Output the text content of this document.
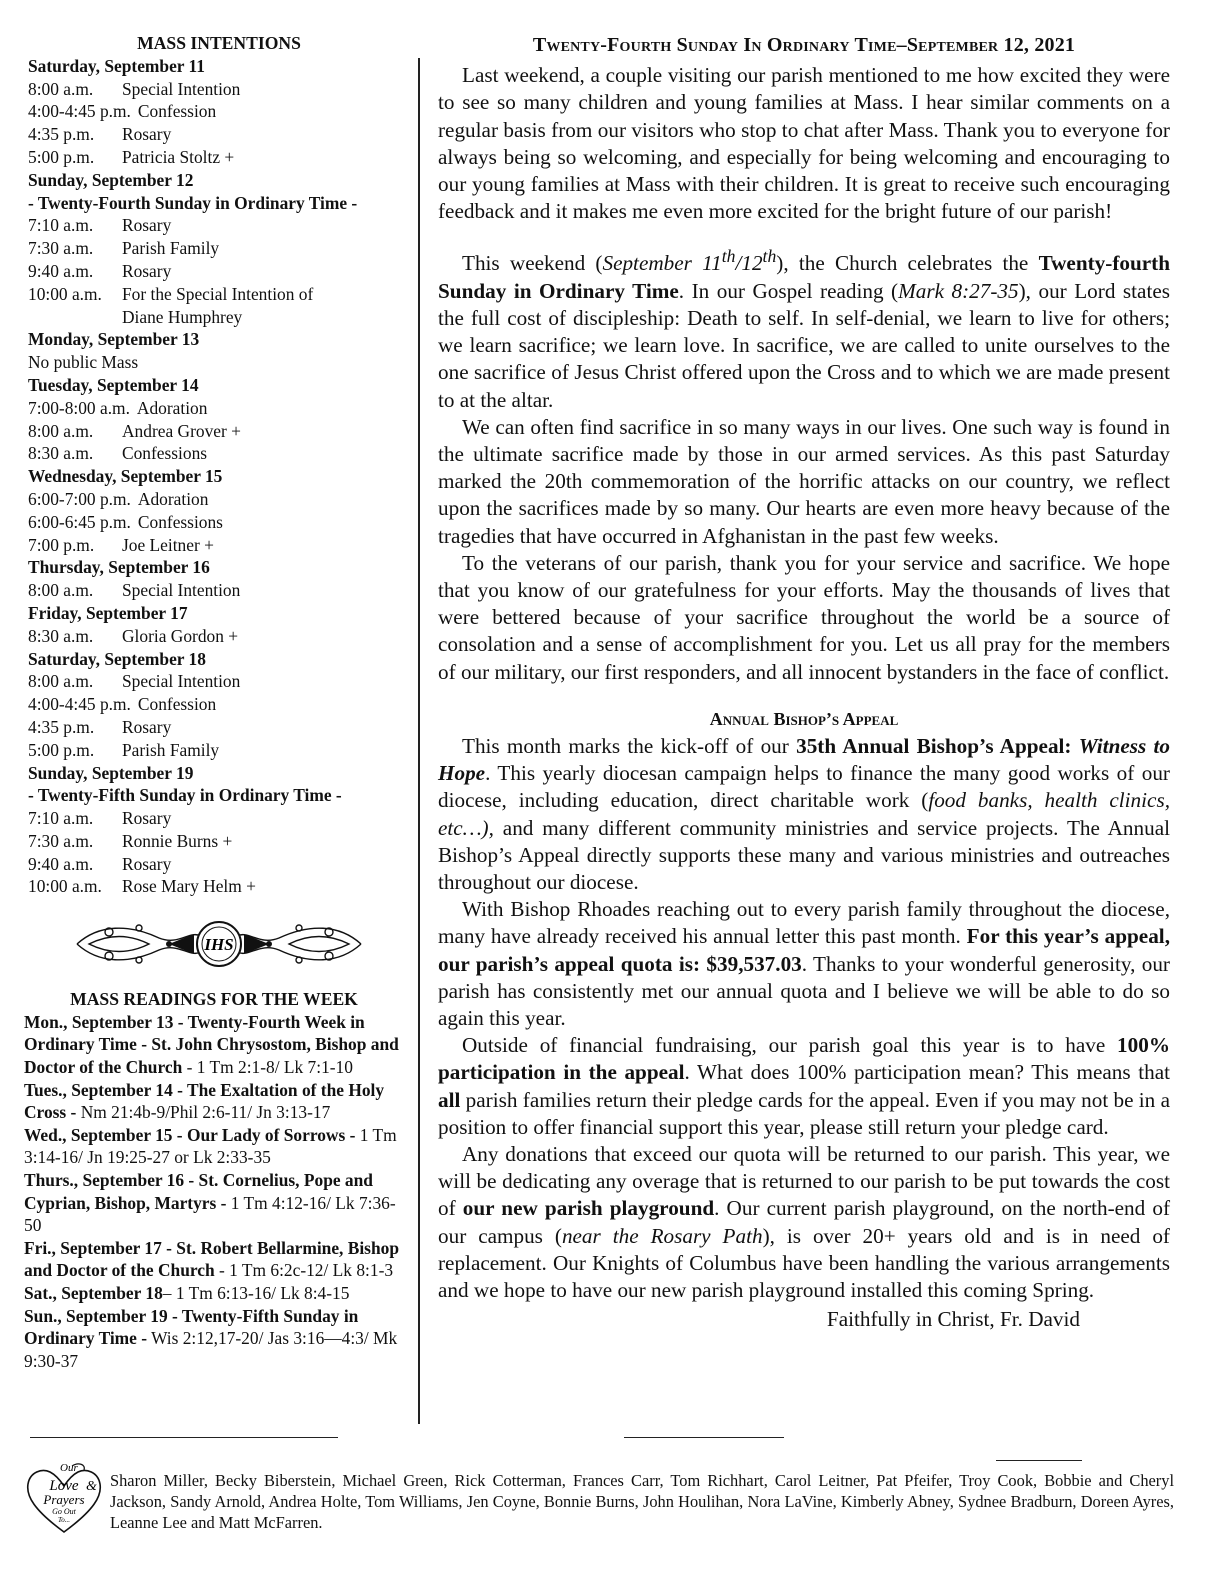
MASS INTENTIONS
Saturday, September 11
8:00 a.m. Special Intention
4:00-4:45 p.m. Confession
4:35 p.m. Rosary
5:00 p.m. Patricia Stoltz +
Sunday, September 12
- Twenty-Fourth Sunday in Ordinary Time -
7:10 a.m. Rosary
7:30 a.m. Parish Family
9:40 a.m. Rosary
10:00 a.m. For the Special Intention of
Diane Humphrey
Monday, September 13
No public Mass
Tuesday, September 14
7:00-8:00 a.m. Adoration
8:00 a.m. Andrea Grover +
8:30 a.m. Confessions
Wednesday, September 15
6:00-7:00 p.m. Adoration
6:00-6:45 p.m. Confessions
7:00 p.m. Joe Leitner +
Thursday, September 16
8:00 a.m. Special Intention
Friday, September 17
8:30 a.m. Gloria Gordon +
Saturday, September 18
8:00 a.m. Special Intention
4:00-4:45 p.m. Confession
4:35 p.m. Rosary
5:00 p.m. Parish Family
Sunday, September 19
- Twenty-Fifth Sunday in Ordinary Time -
7:10 a.m. Rosary
7:30 a.m. Ronnie Burns +
9:40 a.m. Rosary
10:00 a.m. Rose Mary Helm +
IHS
MASS READINGS FOR THE WEEK

Mon., September 13 - Twenty-Fourth Week in Ordinary Time - St. John Chrysostom, Bishop and Doctor of the Church - 1 Tm 2:1-8/ Lk 7:1-10

Tues., September 14 - The Exaltation of the Holy Cross - Nm 21:4b-9/Phil 2:6-11/ Jn 3:13-17

Wed., September 15 - Our Lady of Sorrows - 1 Tm 3:14-16/ Jn 19:25-27 or Lk 2:33-35

Thurs., September 16 - St. Cornelius, Pope and Cyprian, Bishop, Martyrs - 1 Tm 4:12-16/ Lk 7:36-50

Fri., September 17 - St. Robert Bellarmine, Bishop and Doctor of the Church - 1 Tm 6:2c-12/ Lk 8:1-3

Sat., September 18– 1 Tm 6:13-16/ Lk 8:4-15

Sun., September 19 - Twenty-Fifth Sunday in Ordinary Time - Wis 2:12,17-20/ Jas 3:16—4:3/ Mk 9:30-37

Twenty-Fourth Sunday In Ordinary Time–September 12, 2021

Last weekend, a couple visiting our parish mentioned to me how excited they were to see so many children and young families at Mass. I hear similar comments on a regular basis from our visitors who stop to chat after Mass. Thank you to everyone for always being so welcoming, and especially for being welcoming and encouraging to our young families at Mass with their children. It is great to receive such encouraging feedback and it makes me even more excited for the bright future of our parish!

This weekend (September 11th/12th), the Church celebrates the Twenty-fourth Sunday in Ordinary Time. In our Gospel reading (Mark 8:27-35), our Lord states the full cost of discipleship: Death to self. In self-denial, we learn to live for others; we learn sacrifice; we learn love. In sacrifice, we are called to unite ourselves to the one sacrifice of Jesus Christ offered upon the Cross and to which we are made present to at the altar.

We can often find sacrifice in so many ways in our lives. One such way is found in the ultimate sacrifice made by those in our armed services. As this past Saturday marked the 20th commemoration of the horrific attacks on our country, we reflect upon the sacrifices made by so many. Our hearts are even more heavy because of the tragedies that have occurred in Afghanistan in the past few weeks.

To the veterans of our parish, thank you for your service and sacrifice. We hope that you know of our gratefulness for your efforts. May the thousands of lives that were bettered because of your sacrifice throughout the world be a source of consolation and a sense of accomplishment for you. Let us all pray for the members of our military, our first responders, and all innocent bystanders in the face of conflict.

Annual Bishop’s Appeal

This month marks the kick-off of our 35th Annual Bishop’s Appeal: Witness to Hope. This yearly diocesan campaign helps to finance the many good works of our diocese, including education, direct charitable work (food banks, health clinics, etc…), and many different community ministries and service projects. The Annual Bishop’s Appeal directly supports these many and various ministries and outreaches throughout our diocese.

With Bishop Rhoades reaching out to every parish family throughout the diocese, many have already received his annual letter this past month. For this year’s appeal, our parish’s appeal quota is: $39,537.03. Thanks to your wonderful generosity, our parish has consistently met our annual quota and I believe we will be able to do so again this year.

Outside of financial fundraising, our parish goal this year is to have 100% participation in the appeal. What does 100% participation mean? This means that all parish families return their pledge cards for the appeal. Even if you may not be in a position to offer financial support this year, please still return your pledge card.

Any donations that exceed our quota will be returned to our parish. This year, we will be dedicating any overage that is returned to our parish to be put towards the cost of our new parish playground. Our current parish playground, on the north-end of our campus (near the Rosary Path), is over 20+ years old and is in need of replacement. Our Knights of Columbus have been handling the various arrangements and we hope to have our new parish playground installed this coming Spring.

Faithfully in Christ, Fr. David
Our
Love &
Prayers
Go Out
To...
Sharon Miller, Becky Biberstein, Michael Green, Rick Cotterman, Frances Carr, Tom Richhart, Carol Leitner, Pat Pfeifer, Troy Cook, Bobbie and Cheryl Jackson, Sandy Arnold, Andrea Holte, Tom Williams, Jen Coyne, Bonnie Burns, John Houlihan, Nora LaVine, Kimberly Abney, Sydnee Bradburn, Doreen Ayres, Leanne Lee and Matt McFarren.
